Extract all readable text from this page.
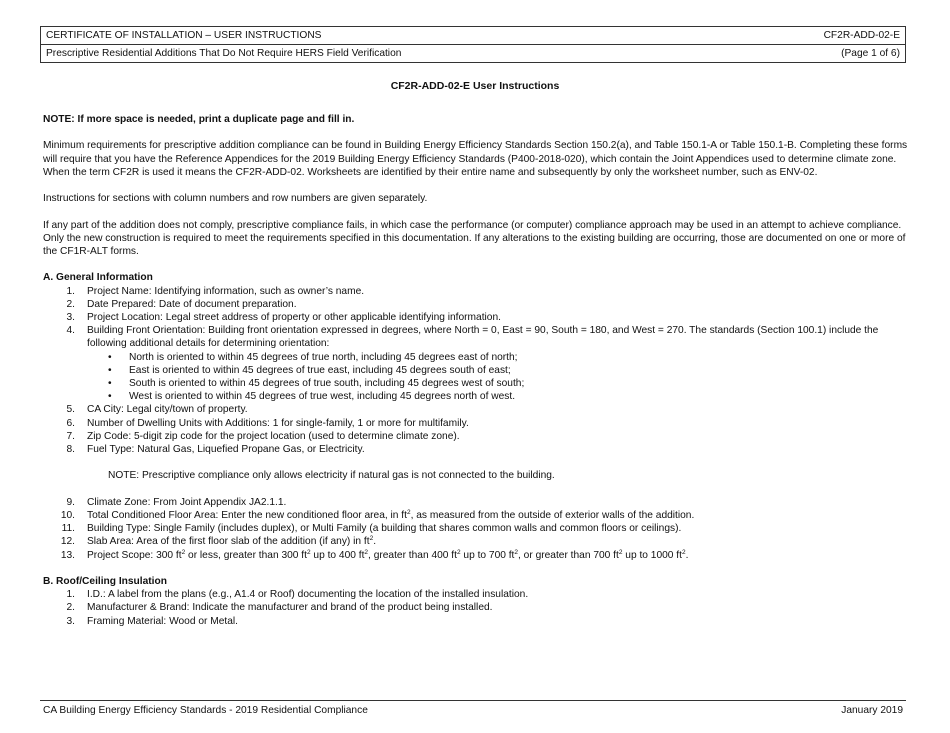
CERTIFICATE OF INSTALLATION – USER INSTRUCTIONS	CF2R-ADD-02-E
Prescriptive Residential Additions That Do Not Require HERS Field Verification	(Page 1 of 6)
CF2R-ADD-02-E User Instructions

NOTE: If more space is needed, print a duplicate page and fill in.

Minimum requirements for prescriptive addition compliance can be found in Building Energy Efficiency Standards Section 150.2(a), and Table 150.1-A or Table 150.1-B. Completing these forms will require that you have the Reference Appendices for the 2019 Building Energy Efficiency Standards (P400-2018-020), which contain the Joint Appendices used to determine climate zone. When the term CF2R is used it means the CF2R-ADD-02. Worksheets are identified by their entire name and subsequently by only the worksheet number, such as ENV-02.

Instructions for sections with column numbers and row numbers are given separately.

If any part of the addition does not comply, prescriptive compliance fails, in which case the performance (or computer) compliance approach may be used in an attempt to achieve compliance. Only the new construction is required to meet the requirements specified in this documentation. If any alterations to the existing building are occurring, those are documented on one or more of the CF1R-ALT forms.

A. General Information
1. Project Name: Identifying information, such as owner’s name.
2. Date Prepared: Date of document preparation.
3. Project Location: Legal street address of property or other applicable identifying information.
4. Building Front Orientation: Building front orientation expressed in degrees, where North = 0, East = 90, South = 180, and West = 270. The standards (Section 100.1) include the following additional details for determining orientation:
• North is oriented to within 45 degrees of true north, including 45 degrees east of north;
• East is oriented to within 45 degrees of true east, including 45 degrees south of east;
• South is oriented to within 45 degrees of true south, including 45 degrees west of south;
• West is oriented to within 45 degrees of true west, including 45 degrees north of west.
5. CA City: Legal city/town of property.
6. Number of Dwelling Units with Additions: 1 for single-family, 1 or more for multifamily.
7. Zip Code: 5-digit zip code for the project location (used to determine climate zone).
8. Fuel Type: Natural Gas, Liquefied Propane Gas, or Electricity.
NOTE: Prescriptive compliance only allows electricity if natural gas is not connected to the building.
9. Climate Zone: From Joint Appendix JA2.1.1.
10. Total Conditioned Floor Area: Enter the new conditioned floor area, in $ft^2$, as measured from the outside of exterior walls of the addition.
11. Building Type: Single Family (includes duplex), or Multi Family (a building that shares common walls and common floors or ceilings).
12. Slab Area: Area of the first floor slab of the addition (if any) in $ft^2$.
13. Project Scope: 300 $ft^2$ or less, greater than 300 $ft^2$ up to 400 $ft^2$, greater than 400 $ft^2$ up to 700 $ft^2$, or greater than 700 $ft^2$ up to 1000 $ft^2$.
B. Roof/Ceiling Insulation
1. I.D.: A label from the plans (e.g., A1.4 or Roof) documenting the location of the installed insulation.
2. Manufacturer & Brand: Indicate the manufacturer and brand of the product being installed.
3. Framing Material: Wood or Metal.
CA Building Energy Efficiency Standards - 2019 Residential Compliance	January 2019
